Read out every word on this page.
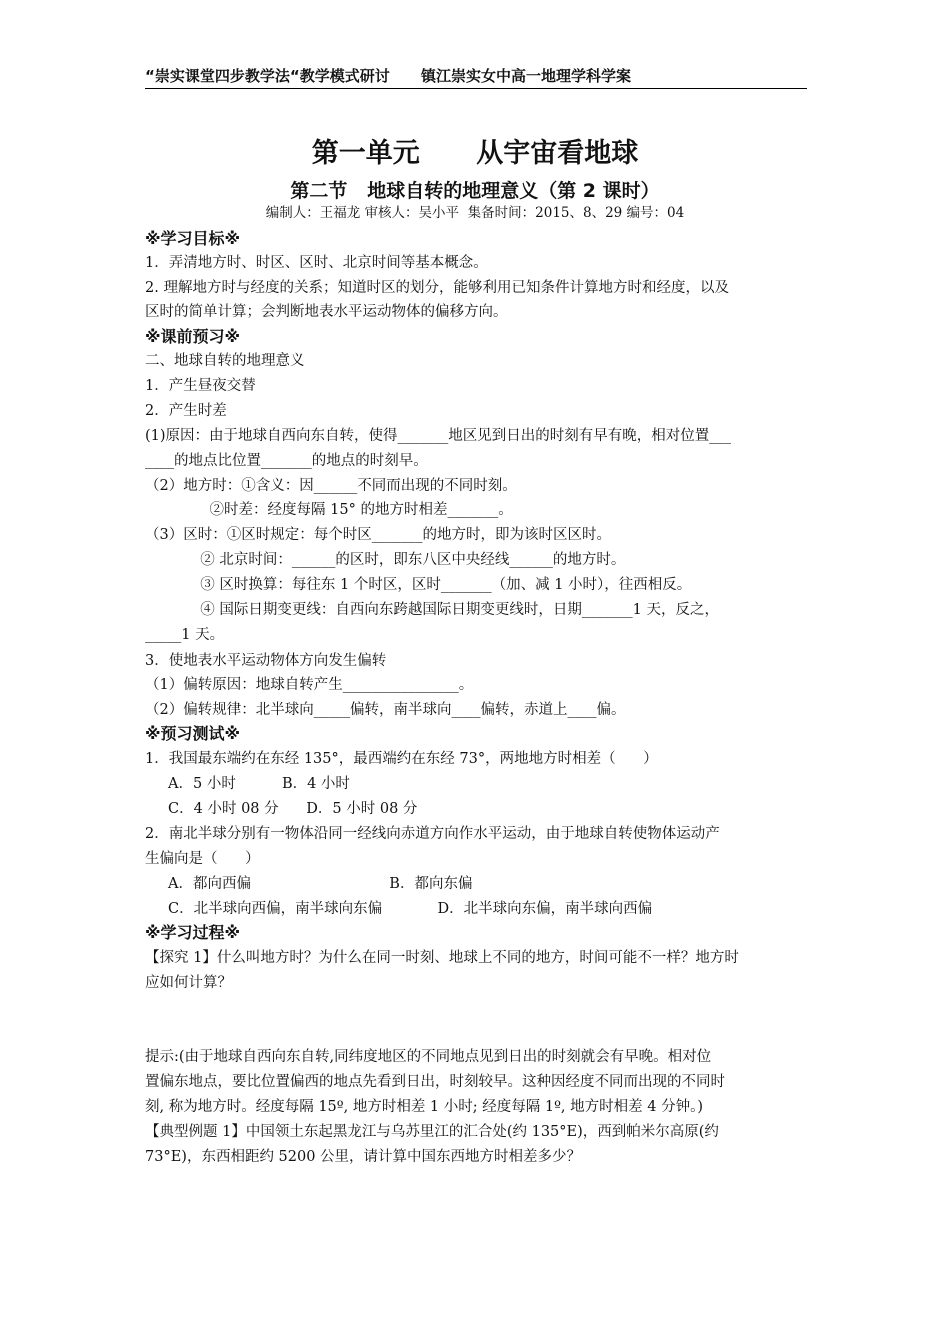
“崇实课堂四步教学法“教学模式研讨      镇江崇实女中高一地理学科学案
第一单元      从宇宙看地球
第二节   地球自转的地理意义（第 2 课时）
编制人：王福龙 审核人：吴小平  集备时间：2015、8、29 编号：04
※学习目标※
1．弄清地方时、时区、区时、北京时间等基本概念。
2. 理解地方时与经度的关系；知道时区的划分，能够利用已知条件计算地方时和经度，以及
区时的简单计算；会判断地表水平运动物体的偏移方向。
※课前预习※
二、地球自转的地理意义
1．产生昼夜交替
2．产生时差
(1)原因：由于地球自西向东自转，使得_______地区见到日出的时刻有早有晚，相对位置___
____的地点比位置_______的地点的时刻早。
（2）地方时：①含义：因______不同而出现的不同时刻。
②时差：经度每隔 15° 的地方时相差_______。
（3）区时：①区时规定：每个时区_______的地方时，即为该时区区时。
② 北京时间：______的区时，即东八区中央经线______的地方时。
③ 区时换算：每往东 1 个时区，区时_______（加、减 1 小时），往西相反。
④ 国际日期变更线：自西向东跨越国际日期变更线时，日期_______1 天，反之，
_____1 天。
3．使地表水平运动物体方向发生偏转
（1）偏转原因：地球自转产生________________。
（2）偏转规律：北半球向_____偏转，南半球向____偏转，赤道上____偏。
※预习测试※
1．我国最东端约在东经 135°，最西端约在东经 73°，两地地方时相差（      ）
A．5 小时          B．4 小时
C．4 小时 08 分      D．5 小时 08 分
2．南北半球分别有一物体沿同一经线向赤道方向作水平运动，由于地球自转使物体运动产
生偏向是（      ）
A．都向西偏                              B．都向东偏
C．北半球向西偏，南半球向东偏            D．北半球向东偏，南半球向西偏
※学习过程※
【探究 1】什么叫地方时？为什么在同一时刻、地球上不同的地方，时间可能不一样？地方时
应如何计算？
提示:(由于地球自西向东自转,同纬度地区的不同地点见到日出的时刻就会有早晚。相对位
置偏东地点，要比位置偏西的地点先看到日出，时刻较早。这种因经度不同而出现的不同时
刻, 称为地方时。经度每隔 15º, 地方时相差 1 小时; 经度每隔 1º, 地方时相差 4 分钟。)
【典型例题 1】中国领土东起黑龙江与乌苏里江的汇合处(约 135°E)，西到帕米尔高原(约
73°E)，东西相距约 5200 公里，请计算中国东西地方时相差多少？
